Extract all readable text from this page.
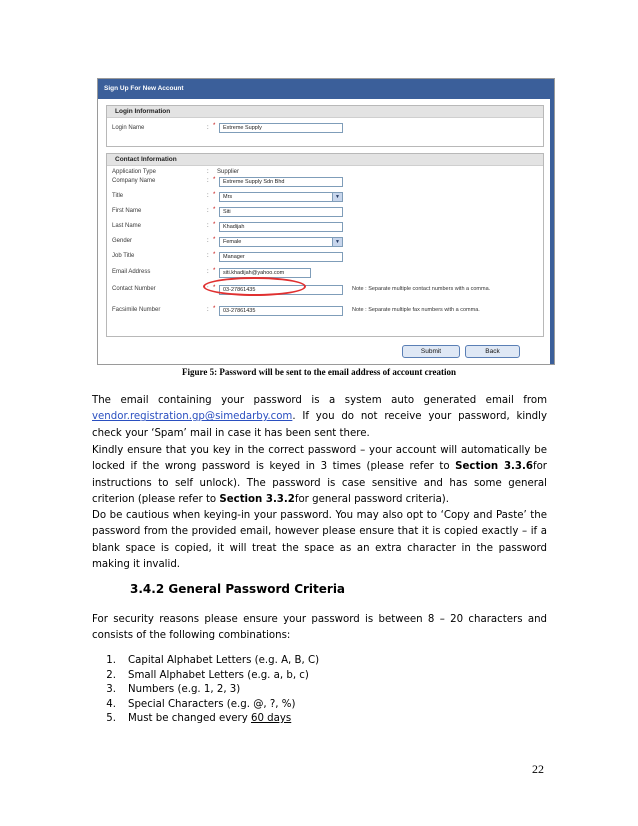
Sign Up For New Account
Login Information
Login Name	: *	Extreme Supply
Contact Information
Application Type	: Supplier
Company Name	: *	Extreme Supply Sdn Bhd
Title	: *	Mrs	▼
First Name	: *	Siti
Last Name	: *	Khadijah
Gender	: *	Female	▼
Job Title	: *	Manager
Email Address	: *	siti.khadijah@yahoo.com
Contact Number	: *	03-27861435	Note : Separate multiple contact numbers with a comma.
Facsimile Number	: *	03-27861435	Note : Separate multiple fax numbers with a comma.
Submit	Back
Figure 5: Password will be sent to the email address of account creation

The email containing your password is a system auto generated email from vendor.registration.gp@simedarby.com. If you do not receive your password, kindly check your ‘Spam’ mail in case it has been sent there.

Kindly ensure that you key in the correct password – your account will automatically be locked if the wrong password is keyed in 3 times (please refer to Section 3.3.6for instructions to self unlock). The password is case sensitive and has some general criterion (please refer to Section 3.3.2for general password criteria).

Do be cautious when keying-in your password. You may also opt to ‘Copy and Paste’ the password from the provided email, however please ensure that it is copied exactly – if a blank space is copied, it will treat the space as an extra character in the password making it invalid.

3.4.2 General Password Criteria

For security reasons please ensure your password is between 8 – 20 characters and consists of the following combinations:

1. Capital Alphabet Letters (e.g. A, B, C)
2. Small Alphabet Letters (e.g. a, b, c)
3. Numbers (e.g. 1, 2, 3)
4. Special Characters (e.g. @, ?, %)
5. Must be changed every 60 days
22
